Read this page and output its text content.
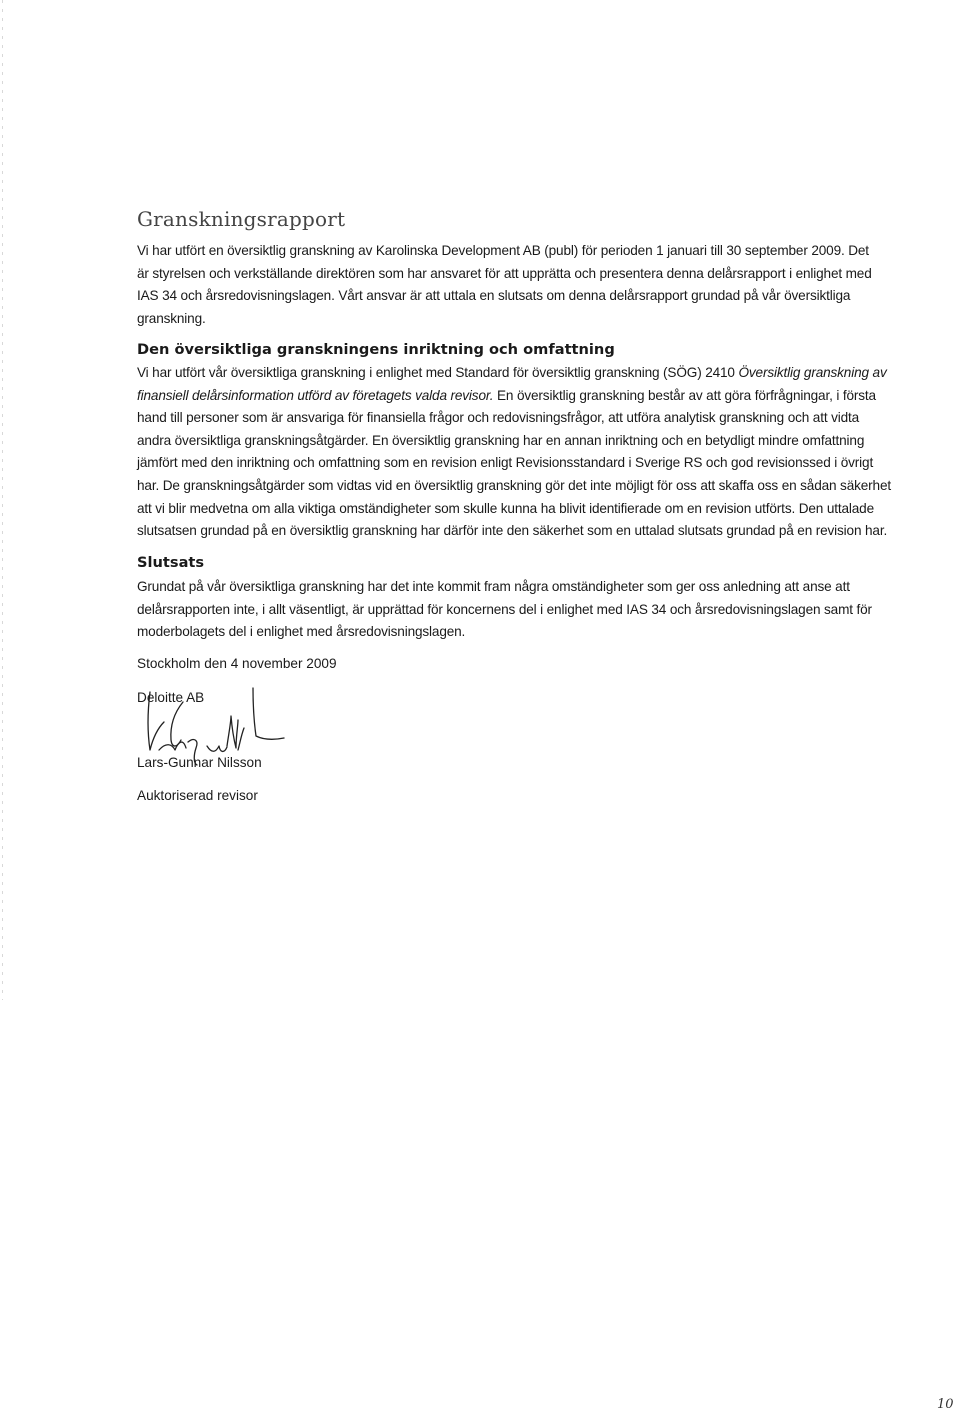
Granskningsrapport

Vi har utfört en översiktlig granskning av Karolinska Development AB (publ) för perioden 1 januari till 30 september 2009. Det
är styrelsen och verkställande direktören som har ansvaret för att upprätta och presentera denna delårsrapport i enlighet med
IAS 34 och årsredovisningslagen. Vårt ansvar är att uttala en slutsats om denna delårsrapport grundad på vår översiktliga
granskning.

Den översiktliga granskningens inriktning och omfattning

Vi har utfört vår översiktliga granskning i enlighet med Standard för översiktlig granskning (SÖG) 2410 Översiktlig granskning av
finansiell delårsinformation utförd av företagets valda revisor. En översiktlig granskning består av att göra förfrågningar, i första
hand till personer som är ansvariga för finansiella frågor och redovisningsfrågor, att utföra analytisk granskning och att vidta
andra översiktliga granskningsåtgärder. En översiktlig granskning har en annan inriktning och en betydligt mindre omfattning
jämfört med den inriktning och omfattning som en revision enligt Revisionsstandard i Sverige RS och god revisionssed i övrigt
har. De granskningsåtgärder som vidtas vid en översiktlig granskning gör det inte möjligt för oss att skaffa oss en sådan säkerhet
att vi blir medvetna om alla viktiga omständigheter som skulle kunna ha blivit identifierade om en revision utförts. Den uttalade
slutsatsen grundad på en översiktlig granskning har därför inte den säkerhet som en uttalad slutsats grundad på en revision har.

Slutsats

Grundat på vår översiktliga granskning har det inte kommit fram några omständigheter som ger oss anledning att anse att
delårsrapporten inte, i allt väsentligt, är upprättad för koncernens del i enlighet med IAS 34 och årsredovisningslagen samt för
moderbolagets del i enlighet med årsredovisningslagen.

Stockholm den 4 november 2009

Deloitte AB

Lars-Gunnar Nilsson

Auktoriserad revisor

10
